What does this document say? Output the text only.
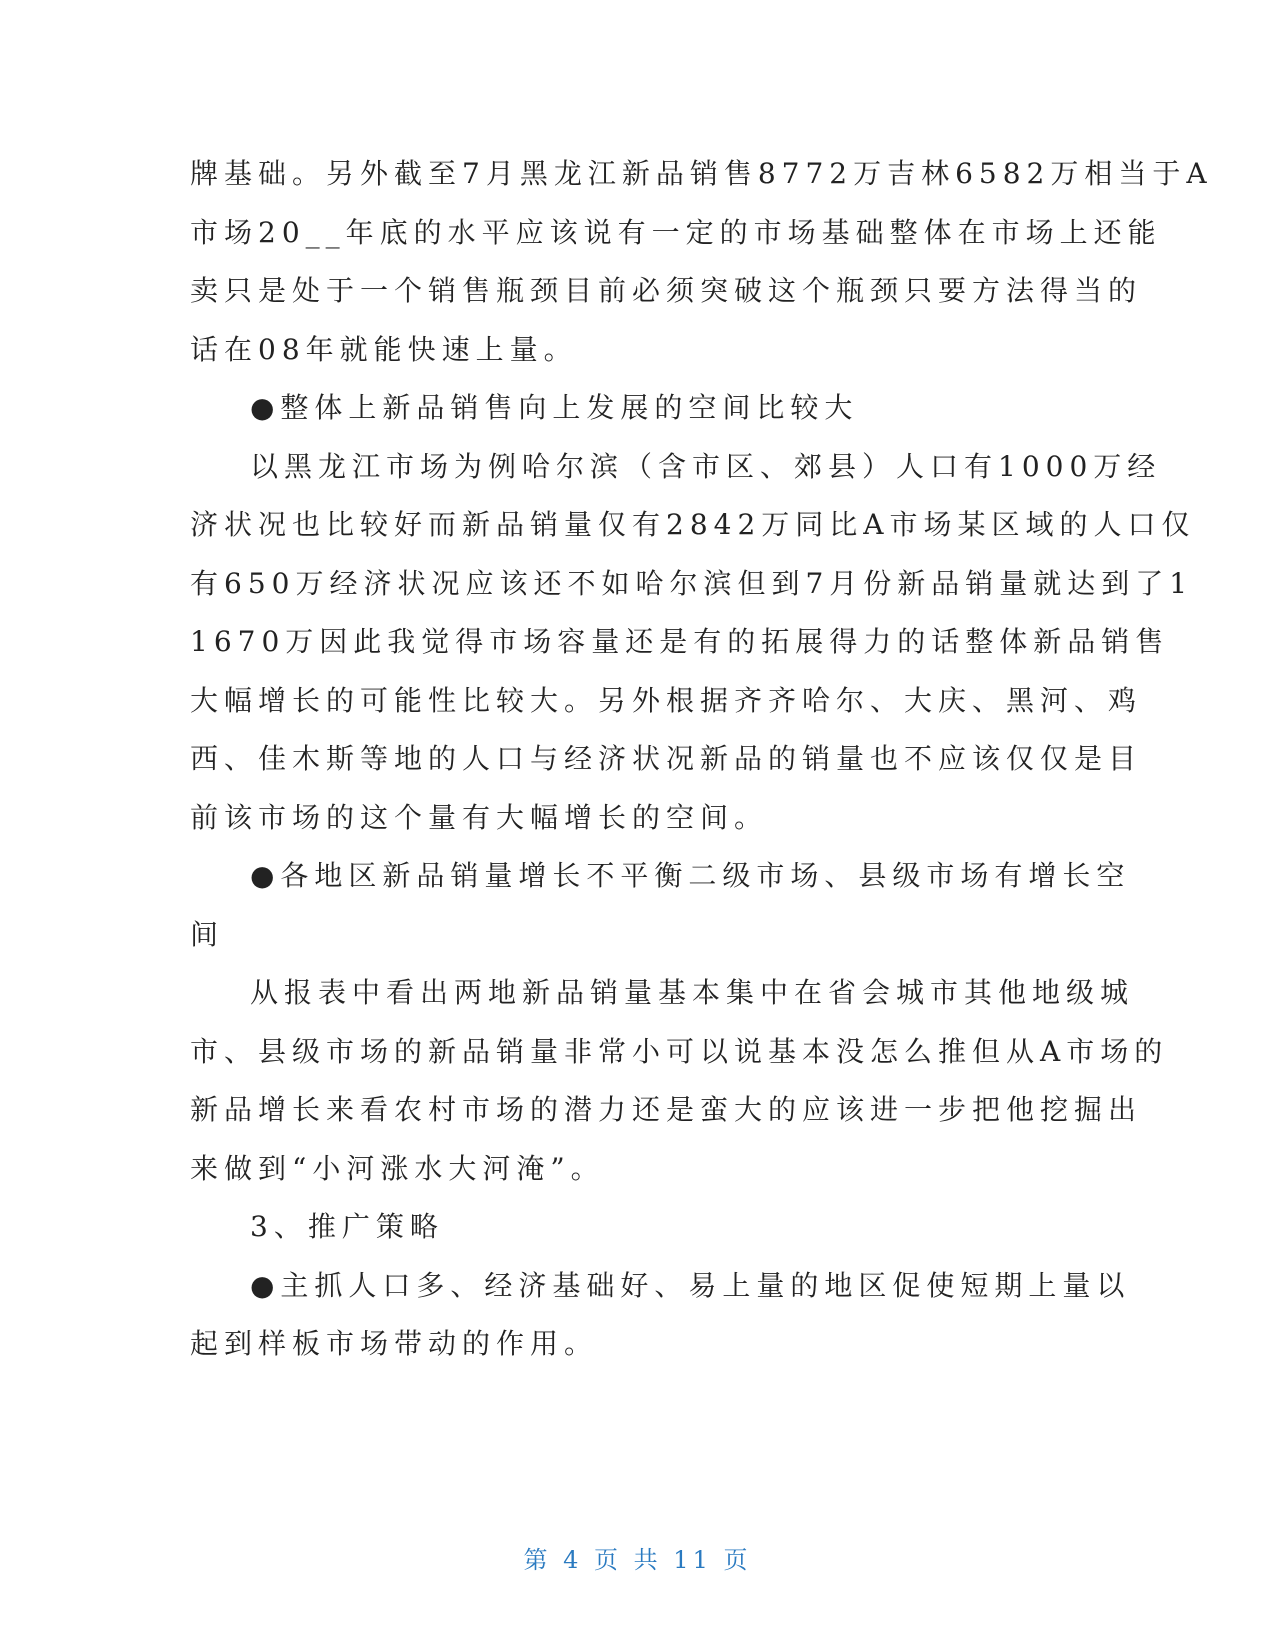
牌基础。另外截至7月黑龙江新品销售8772万吉林6582万相当于A
市场20__年底的水平应该说有一定的市场基础整体在市场上还能
卖只是处于一个销售瓶颈目前必须突破这个瓶颈只要方法得当的
话在08年就能快速上量。
●整体上新品销售向上发展的空间比较大
以黑龙江市场为例哈尔滨（含市区、郊县）人口有1000万经
济状况也比较好而新品销量仅有2842万同比A市场某区域的人口仅
有650万经济状况应该还不如哈尔滨但到7月份新品销量就达到了1
1670万因此我觉得市场容量还是有的拓展得力的话整体新品销售
大幅增长的可能性比较大。另外根据齐齐哈尔、大庆、黑河、鸡
西、佳木斯等地的人口与经济状况新品的销量也不应该仅仅是目
前该市场的这个量有大幅增长的空间。
●各地区新品销量增长不平衡二级市场、县级市场有增长空
间
从报表中看出两地新品销量基本集中在省会城市其他地级城
市、县级市场的新品销量非常小可以说基本没怎么推但从A市场的
新品增长来看农村市场的潜力还是蛮大的应该进一步把他挖掘出
来做到“小河涨水大河淹”。
3、推广策略
●主抓人口多、经济基础好、易上量的地区促使短期上量以
起到样板市场带动的作用。
第 4 页 共 11 页
